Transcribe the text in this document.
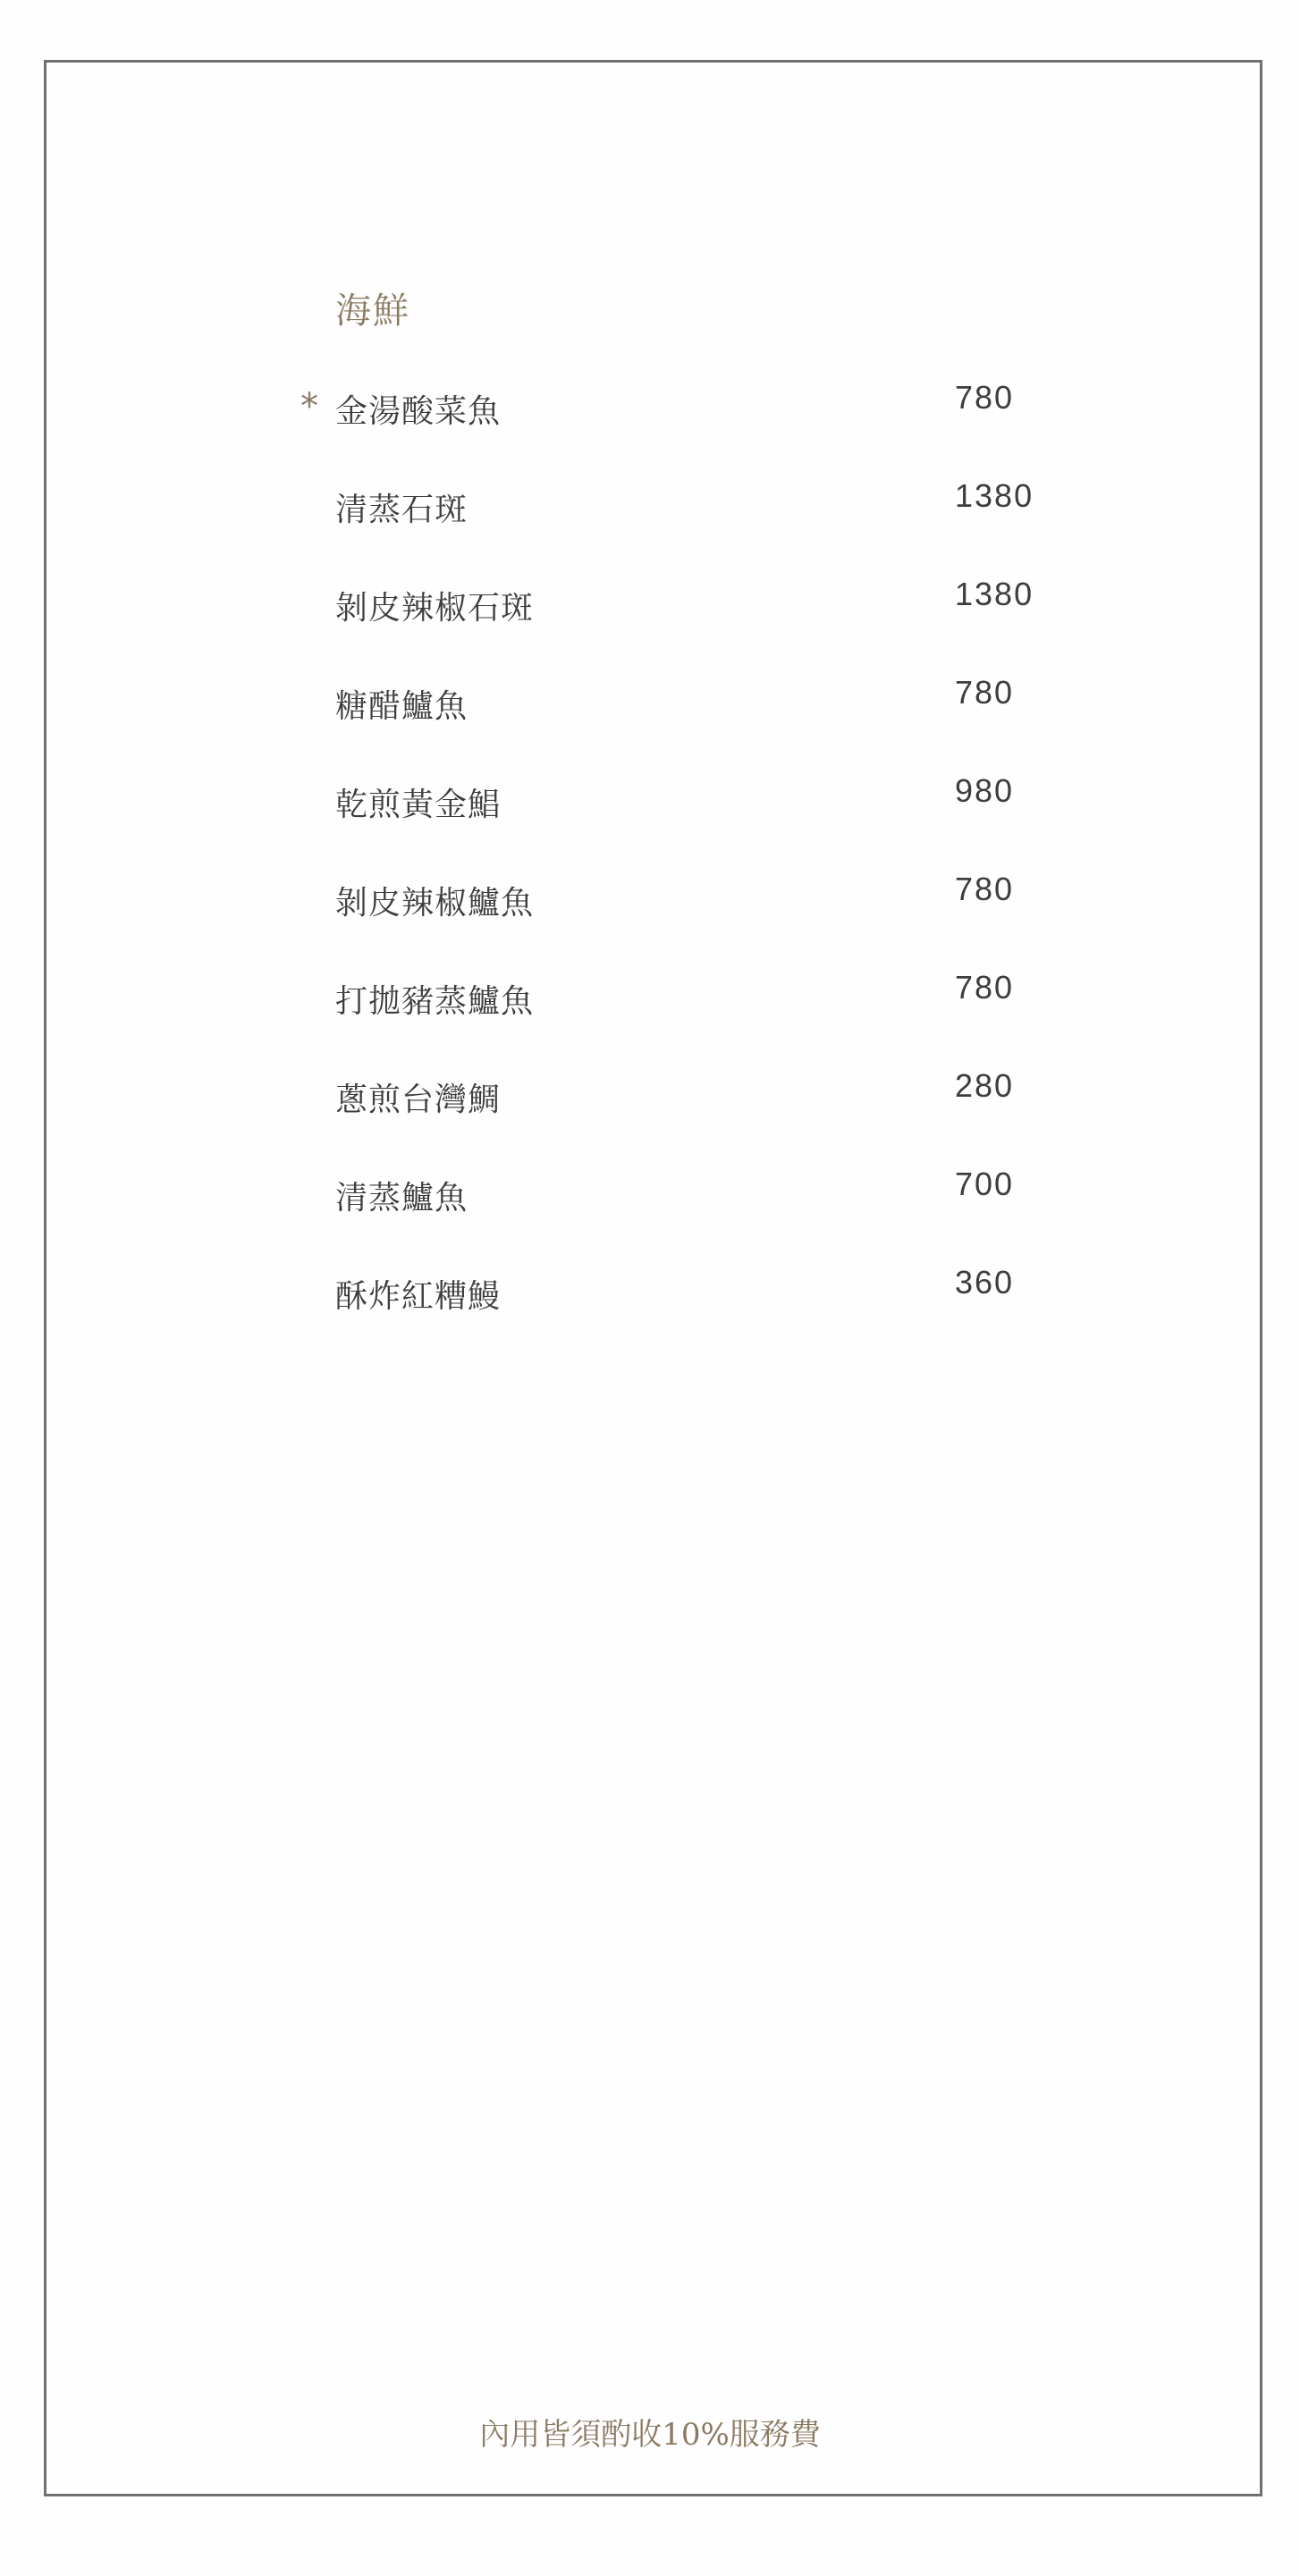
海鮮
* 金湯酸菜魚	780
清蒸石斑	1380
剝皮辣椒石斑	1380
糖醋鱸魚	780
乾煎黃金鯧	980
剝皮辣椒鱸魚	780
打拋豬蒸鱸魚	780
蔥煎台灣鯛	280
清蒸鱸魚	700
酥炸紅糟鰻	360
內用皆須酌收10%服務費
